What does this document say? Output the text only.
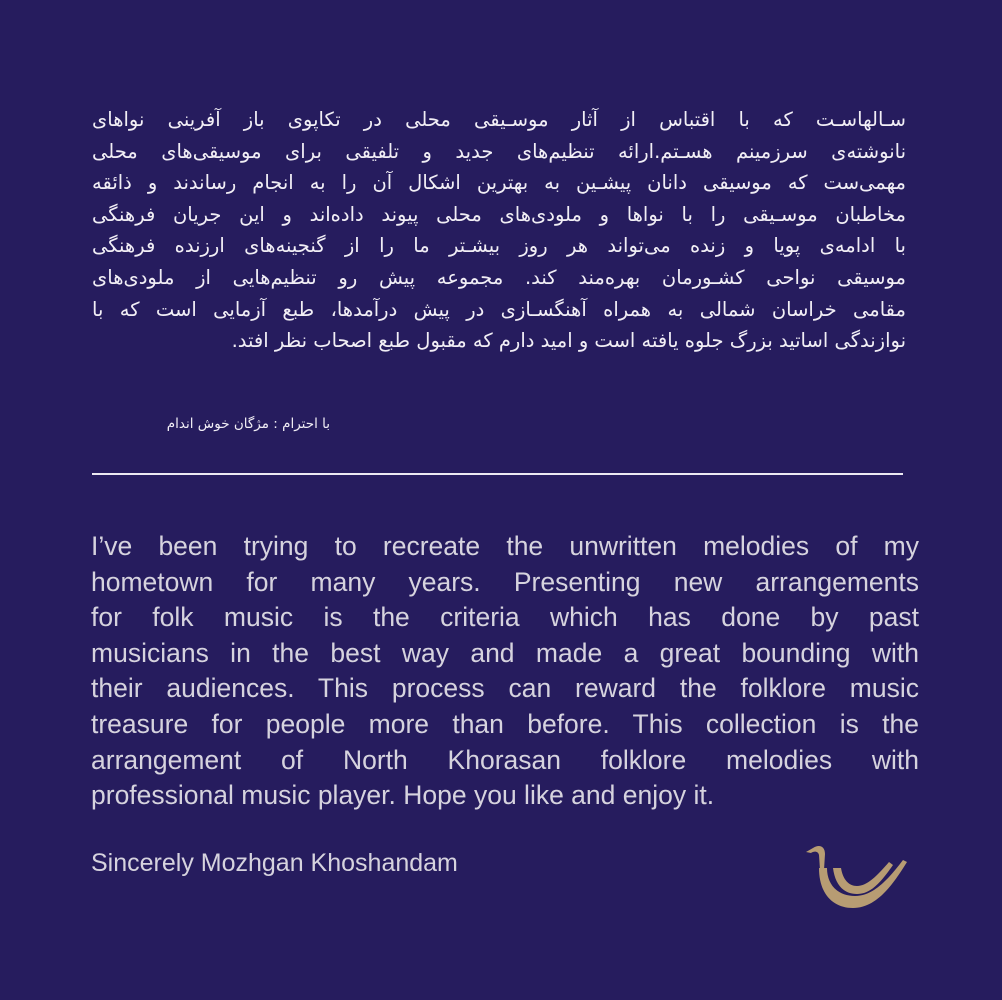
سـالهاسـت که با اقتباس از آثار موسـیقی محلی در تکاپوی باز آفرینی نواهای
نانوشته‌ی سرزمینم هسـتم.ارائه تنظیم‌های جدید و تلفیقی برای موسیقی‌های محلی
مهمی‌ست که موسیقی دانان پیشـین به بهترین اشکال آن را به انجام رساندند و ذائقه
مخاطبان موسـیقی را با نواها و ملودی‌های محلی پیوند داده‌اند و این جریان فرهنگی
با ادامه‌ی پویا و زنده می‌تواند هر روز بیشـتر ما را از گنجینه‌های ارزنده فرهنگی
موسیقی نواحی کشـورمان بهره‌مند کند. مجموعه پیش رو تنظیم‌هایی از ملودی‌های
مقامی خراسان شمالی به همراه آهنگسـازی در پیش درآمدها، طبع آزمایی است که با
نوازندگی اساتید بزرگ جلوه یافته است و امید دارم که مقبول طبع اصحاب نظر افتد.
با احترام : مژگان خوش اندام
I’ve been trying to recreate the unwritten melodies of my
hometown for many years. Presenting new arrangements
for folk music is the criteria which has done by past
musicians in the best way and made a great bounding with
their audiences. This process can reward the folklore music
treasure for people more than before. This collection is the
arrangement of North Khorasan folklore melodies with
professional music player. Hope you like and enjoy it.
Sincerely Mozhgan Khoshandam
